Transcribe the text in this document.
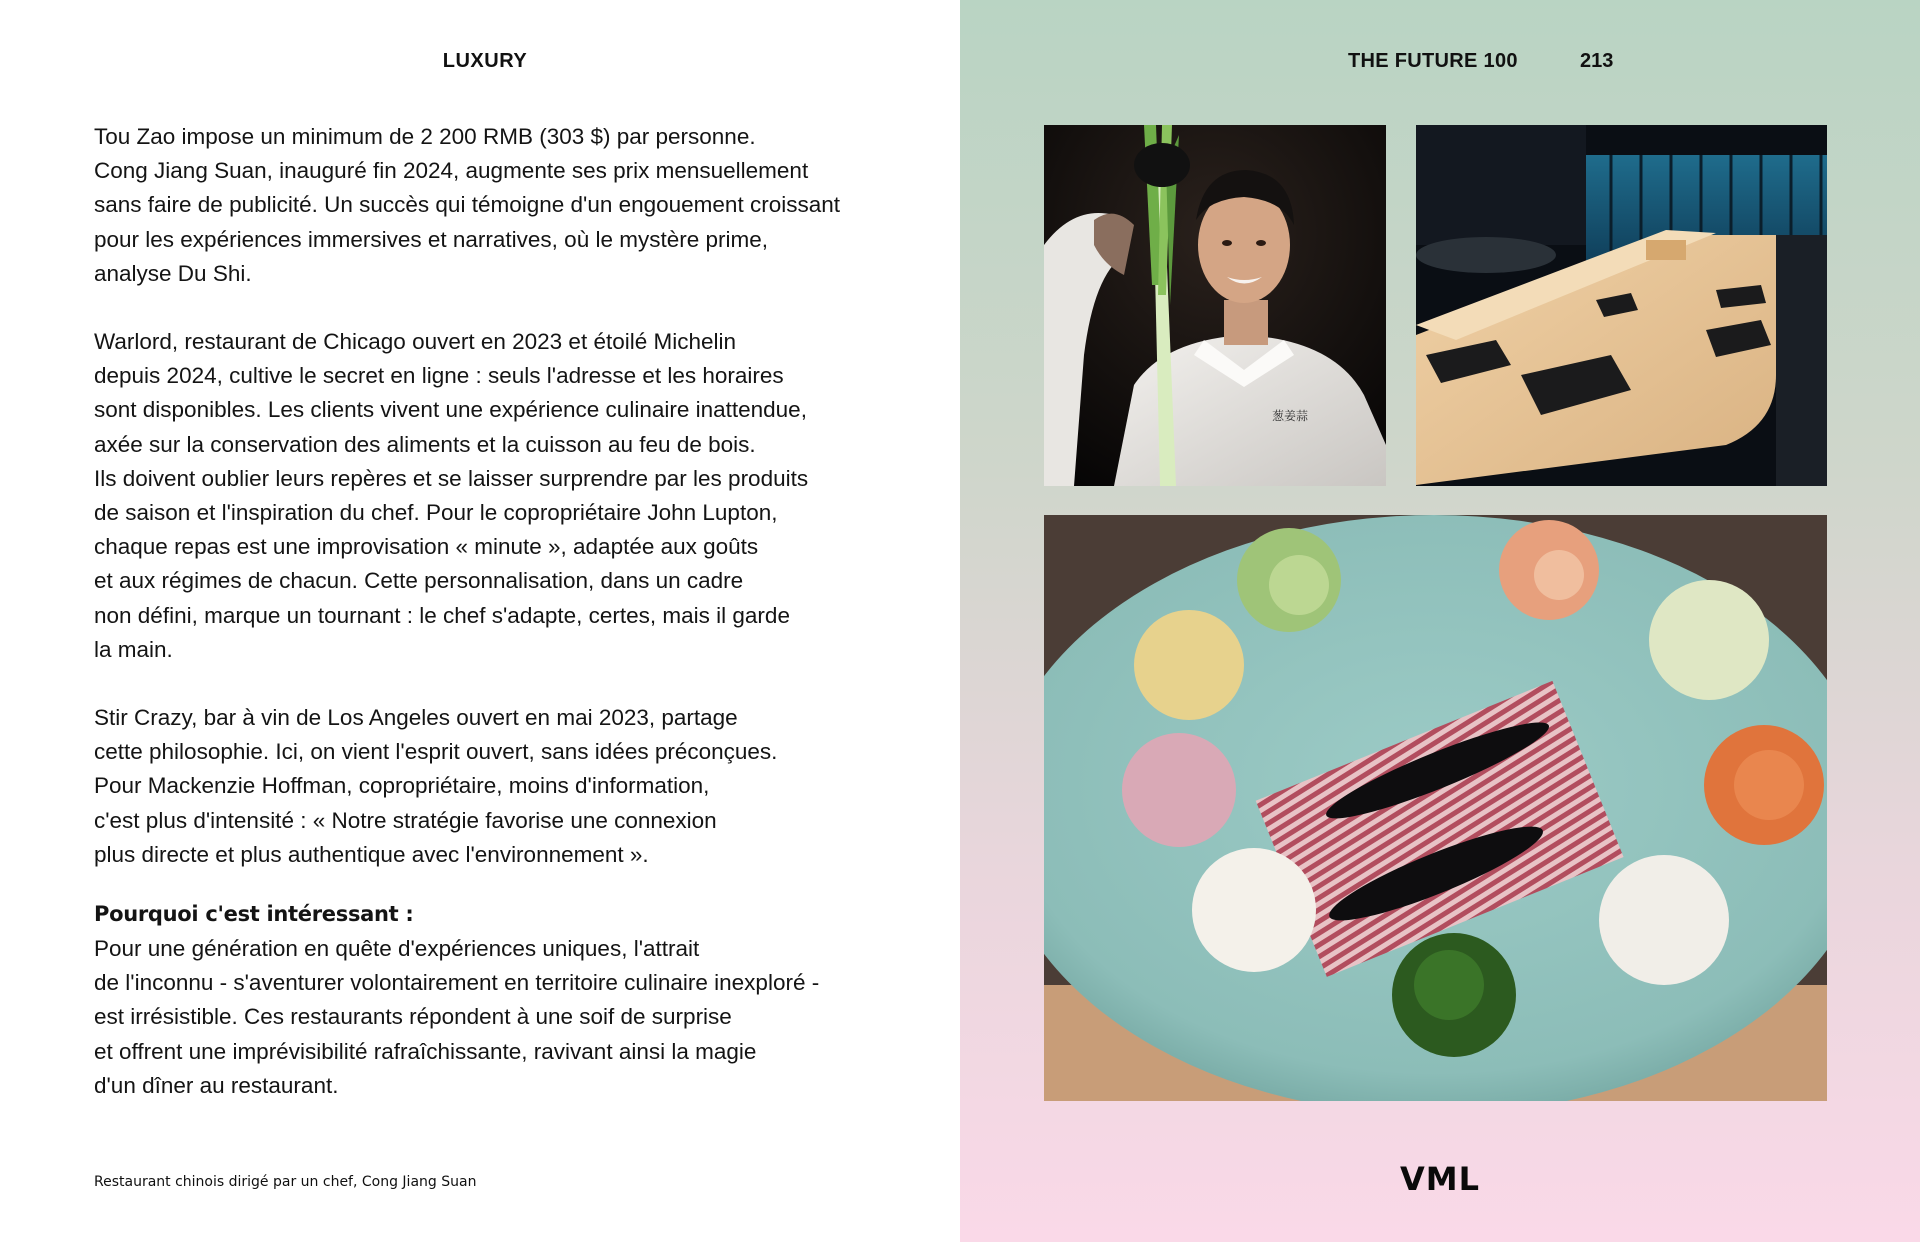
LUXURY

Tou Zao impose un minimum de 2 200 RMB (303 $) par personne.
Cong Jiang Suan, inauguré fin 2024, augmente ses prix mensuellement
sans faire de publicité. Un succès qui témoigne d'un engouement croissant
pour les expériences immersives et narratives, où le mystère prime,
analyse Du Shi.

Warlord, restaurant de Chicago ouvert en 2023 et étoilé Michelin
depuis 2024, cultive le secret en ligne : seuls l'adresse et les horaires
sont disponibles. Les clients vivent une expérience culinaire inattendue,
axée sur la conservation des aliments et la cuisson au feu de bois.
Ils doivent oublier leurs repères et se laisser surprendre par les produits
de saison et l'inspiration du chef. Pour le copropriétaire John Lupton,
chaque repas est une improvisation « minute », adaptée aux goûts
et aux régimes de chacun. Cette personnalisation, dans un cadre
non défini, marque un tournant : le chef s'adapte, certes, mais il garde
la main.

Stir Crazy, bar à vin de Los Angeles ouvert en mai 2023, partage
cette philosophie. Ici, on vient l'esprit ouvert, sans idées préconçues.
Pour Mackenzie Hoffman, copropriétaire, moins d'information,
c'est plus d'intensité : « Notre stratégie favorise une connexion
plus directe et plus authentique avec l'environnement ».

Pourquoi c'est intéressant :

Pour une génération en quête d'expériences uniques, l'attrait
de l'inconnu - s'aventurer volontairement en territoire culinaire inexploré -
est irrésistible. Ces restaurants répondent à une soif de surprise
et offrent une imprévisibilité rafraîchissante, ravivant ainsi la magie
d'un dîner au restaurant.

Restaurant chinois dirigé par un chef, Cong Jiang Suan
THE FUTURE 100	213
葱姜蒜
VML
